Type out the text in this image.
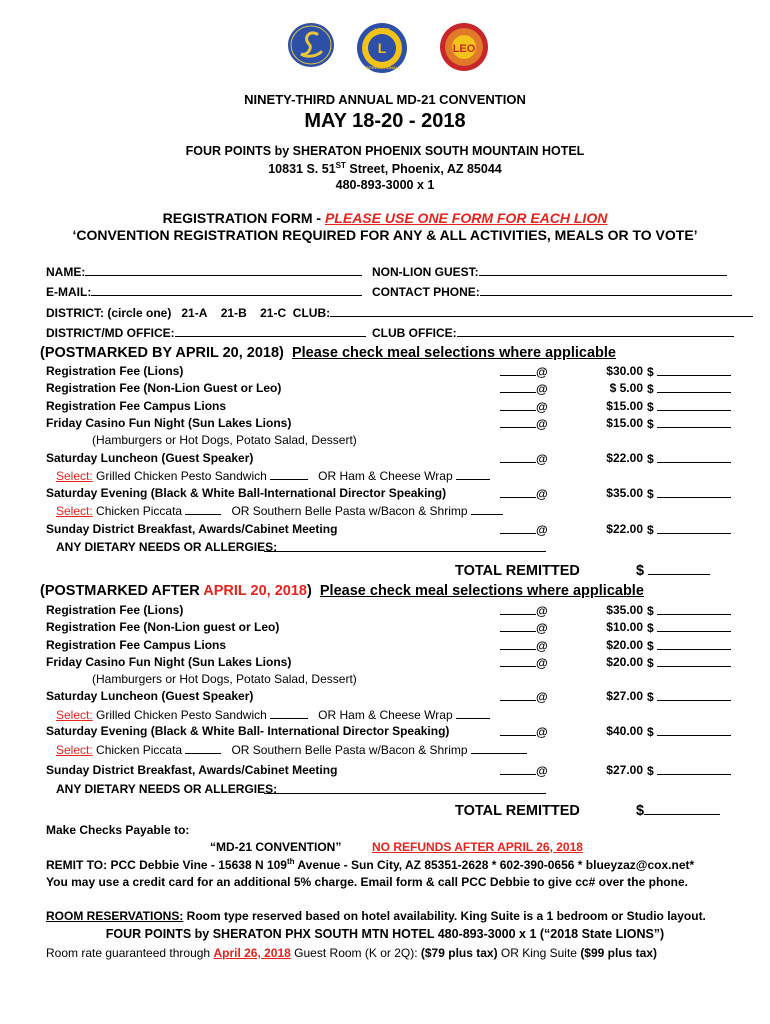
L
LIONS
INTERNATIONAL
LEO
NINETY-THIRD ANNUAL MD-21 CONVENTION
MAY 18-20 - 2018
FOUR POINTS by SHERATON PHOENIX SOUTH MOUNTAIN HOTEL
10831 S. 51ST Street, Phoenix, AZ 85044
480-893-3000 x 1
REGISTRATION FORM - PLEASE USE ONE FORM FOR EACH LION
‘CONVENTION REGISTRATION REQUIRED FOR ANY & ALL ACTIVITIES, MEALS OR TO VOTE’
NAME:	NON-LION GUEST:
E-MAIL:	CONTACT PHONE:
DISTRICT: (circle one) 21-A 21-B 21-C CLUB:
DISTRICT/MD OFFICE:	CLUB OFFICE:
(POSTMARKED BY APRIL 20, 2018) Please check meal selections where applicable
Registration Fee (Lions)	@	$30.00 $
Registration Fee (Non-Lion Guest or Leo)	@	$ 5.00 $
Registration Fee Campus Lions	@	$15.00 $
Friday Casino Fun Night (Sun Lakes Lions)	@	$15.00 $
(Hamburgers or Hot Dogs, Potato Salad, Dessert)
Saturday Luncheon (Guest Speaker)	@	$22.00 $
Select: Grilled Chicken Pesto Sandwich	OR Ham & Cheese Wrap
Saturday Evening (Black & White Ball-International Director Speaking)	@	$35.00 $
Select: Chicken Piccata	OR Southern Belle Pasta w/Bacon & Shrimp
Sunday District Breakfast, Awards/Cabinet Meeting	@	$22.00 $
ANY DIETARY NEEDS OR ALLERGIES:
TOTAL REMITTED	$
(POSTMARKED AFTER APRIL 20, 2018) Please check meal selections where applicable
Registration Fee (Lions)	@	$35.00 $
Registration Fee (Non-Lion guest or Leo)	@	$10.00 $
Registration Fee Campus Lions	@	$20.00 $
Friday Casino Fun Night (Sun Lakes Lions)	@	$20.00 $
(Hamburgers or Hot Dogs, Potato Salad, Dessert)
Saturday Luncheon (Guest Speaker)	@	$27.00 $
Select: Grilled Chicken Pesto Sandwich	OR Ham & Cheese Wrap
Saturday Evening (Black & White Ball- International Director Speaking)	@	$40.00 $
Select: Chicken Piccata	OR Southern Belle Pasta w/Bacon & Shrimp
Sunday District Breakfast, Awards/Cabinet Meeting	@	$27.00 $
ANY DIETARY NEEDS OR ALLERGIES:
TOTAL REMITTED	$
Make Checks Payable to:
“MD-21 CONVENTION”	NO REFUNDS AFTER APRIL 26, 2018
REMIT TO: PCC Debbie Vine - 15638 N 109th Avenue - Sun City, AZ 85351-2628 * 602-390-0656 * blueyzaz@cox.net*
You may use a credit card for an additional 5% charge. Email form & call PCC Debbie to give cc# over the phone.
ROOM RESERVATIONS: Room type reserved based on hotel availability. King Suite is a 1 bedroom or Studio layout.
FOUR POINTS by SHERATON PHX SOUTH MTN HOTEL 480-893-3000 x 1 (“2018 State LIONS”)
Room rate guaranteed through April 26, 2018 Guest Room (K or 2Q): ($79 plus tax) OR King Suite ($99 plus tax)
